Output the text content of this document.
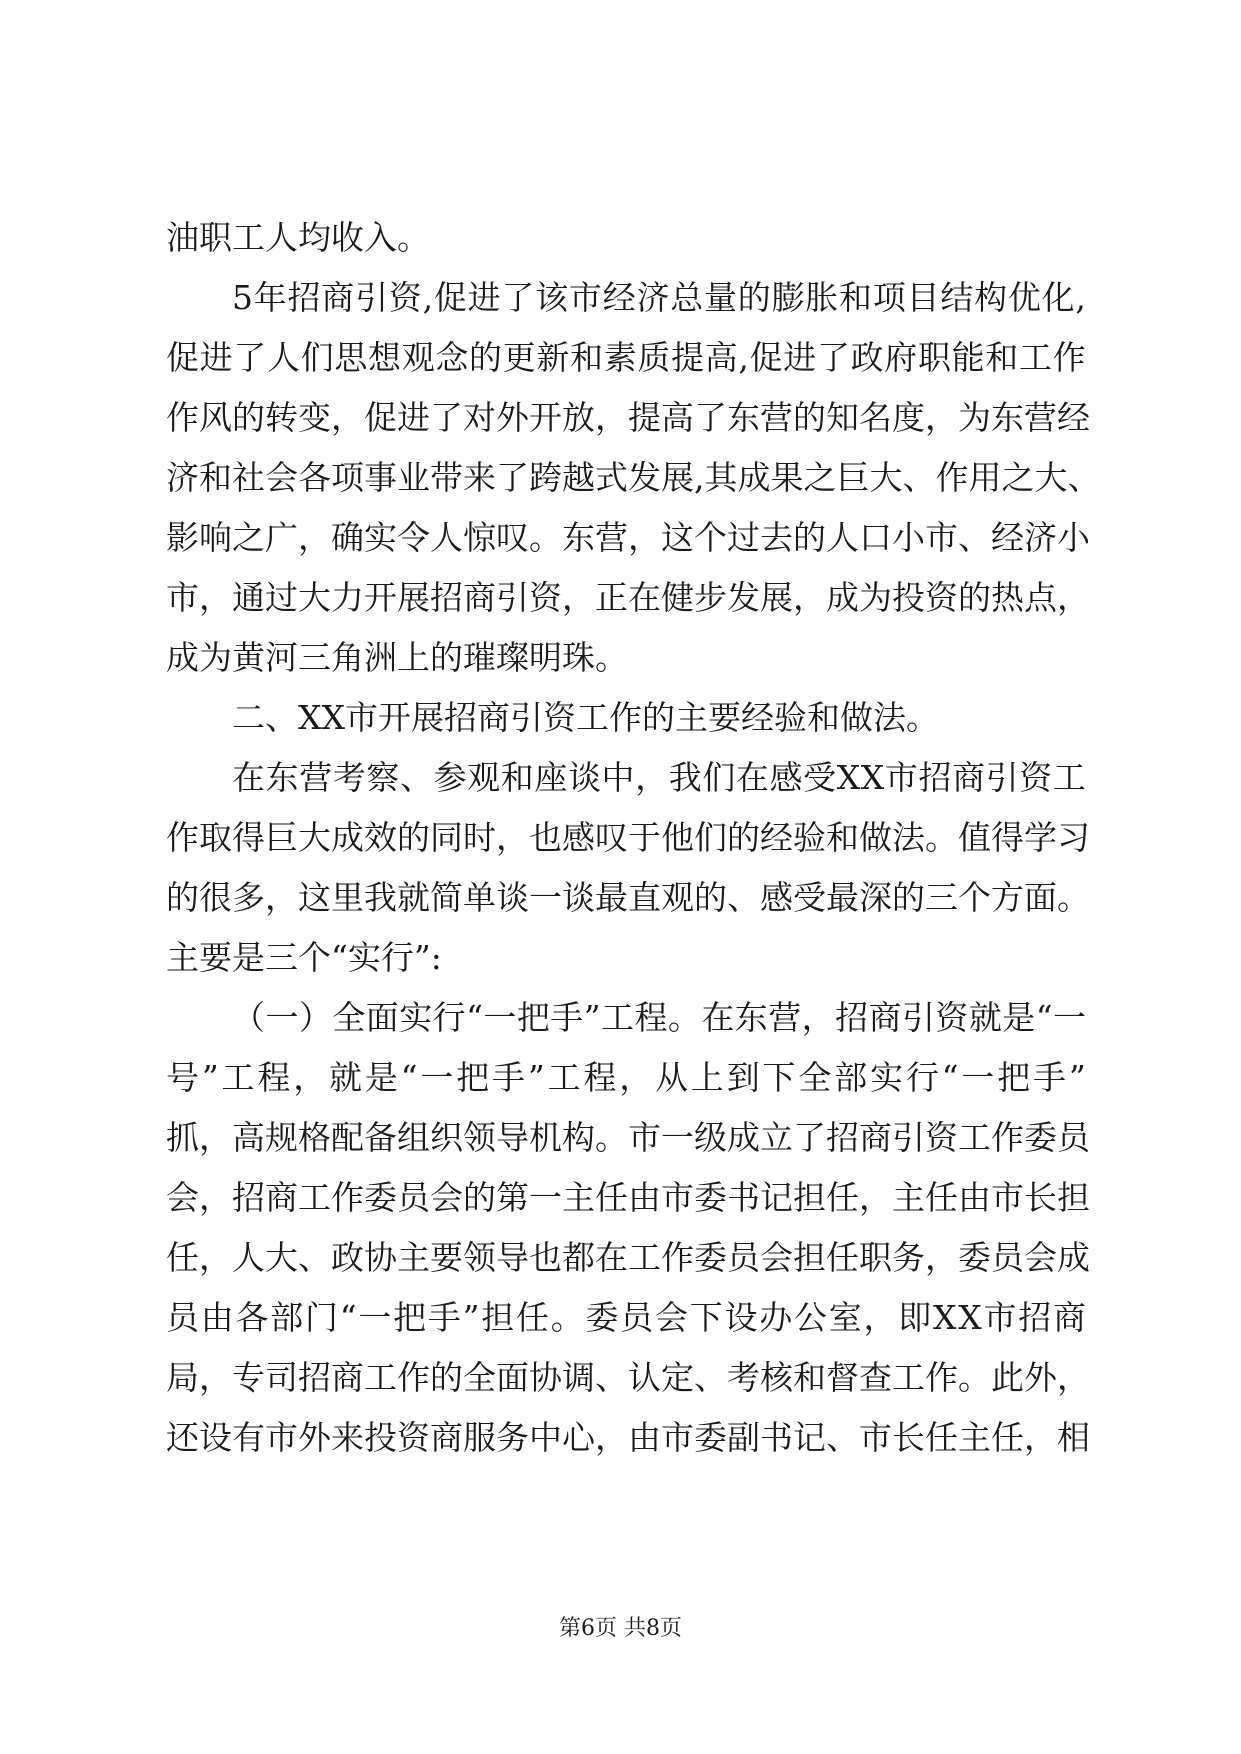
油职工人均收入。
5 年 招 商 引 资 , 促 进 了 该 市 经 济 总 量 的 膨 胀 和 项 目 结 构 优 化 ,
促 进 了 人 们 思 想 观 念 的 更 新 和 素 质 提 高 , 促 进 了 政 府 职 能 和 工 作
作 风 的 转 变 ， 促 进 了 对 外 开 放 ， 提 高 了 东 营 的 知 名 度 ， 为 东 营 经
济 和 社 会 各 项 事 业 带 来 了 跨 越 式 发 展 , 其 成 果 之 巨 大 、 作 用 之 大 、
影 响 之 广 ， 确 实 令 人 惊 叹 。 东 营 ， 这 个 过 去 的 人 口 小 市 、 经 济 小
市 ， 通 过 大 力 开 展 招 商 引 资 ， 正 在 健 步 发 展 ， 成 为 投 资 的 热 点 ，
成为黄河三角洲上的璀璨明珠。
二、XX市开展招商引资工作的主要经验和做法。
在 东 营 考 察 、 参 观 和 座 谈 中 ， 我 们 在 感 受 X X 市 招 商 引 资 工
作 取 得 巨 大 成 效 的 同 时 ， 也 感 叹 于 他 们 的 经 验 和 做 法 。 值 得 学 习
的 很 多 ， 这 里 我 就 简 单 谈 一 谈 最 直 观 的 、 感 受 最 深 的 三 个 方 面 。
主要是三个“实行”:
（ 一 ） 全 面 实 行 “ 一 把 手 ” 工 程 。 在 东 营 ， 招 商 引 资 就 是 “ 一
号 ” 工 程 ， 就 是 “ 一 把 手 ” 工 程 ， 从 上 到 下 全 部 实 行 “ 一 把 手 ”
抓 ， 高 规 格 配 备 组 织 领 导 机 构 。 市 一 级 成 立 了 招 商 引 资 工 作 委 员
会 ， 招 商 工 作 委 员 会 的 第 一 主 任 由 市 委 书 记 担 任 ， 主 任 由 市 长 担
任 ， 人 大 、 政 协 主 要 领 导 也 都 在 工 作 委 员 会 担 任 职 务 ， 委 员 会 成
员 由 各 部 门 “ 一 把 手 ” 担 任 。 委 员 会 下 设 办 公 室 ， 即 X X 市 招 商
局 ， 专 司 招 商 工 作 的 全 面 协 调 、 认 定 、 考 核 和 督 查 工 作 。 此 外 ，
还 设 有 市 外 来 投 资 商 服 务 中 心 ， 由 市 委 副 书 记 、 市 长 任 主 任 ， 相
第6页 共8页
